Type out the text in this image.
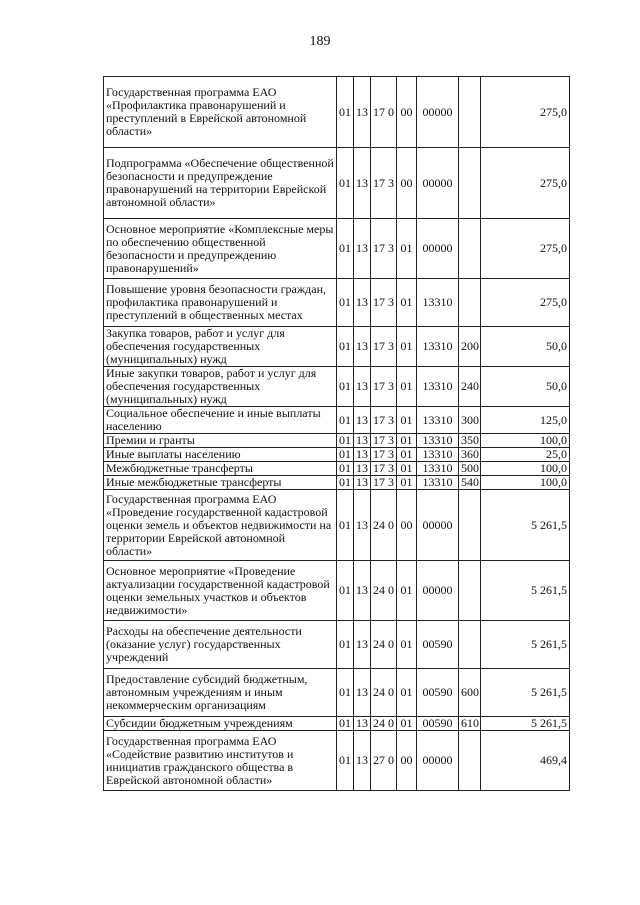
189
Государственная программа ЕАО «Профилактика правонарушений и преступлений в Еврейской автономной области»	01	13	17 0	00	00000		275,0
Подпрограмма «Обеспечение общественной безопасности и предупреждение правонарушений на территории Еврейской автономной области»	01	13	17 3	00	00000		275,0
Основное мероприятие «Комплексные меры по обеспечению общественной безопасности и предупреждению правонарушений»	01	13	17 3	01	00000		275,0
Повышение уровня безопасности граждан, профилактика правонарушений и преступлений в общественных местах	01	13	17 3	01	13310		275,0
Закупка товаров, работ и услуг для обеспечения государственных (муниципальных) нужд	01	13	17 3	01	13310	200	50,0
Иные закупки товаров, работ и услуг для обеспечения государственных (муниципальных) нужд	01	13	17 3	01	13310	240	50,0
Социальное обеспечение и иные выплаты населению	01	13	17 3	01	13310	300	125,0
Премии и гранты	01	13	17 3	01	13310	350	100,0
Иные выплаты населению	01	13	17 3	01	13310	360	25,0
Межбюджетные трансферты	01	13	17 3	01	13310	500	100,0
Иные межбюджетные трансферты	01	13	17 3	01	13310	540	100,0
Государственная программа ЕАО «Проведение государственной кадастровой оценки земель и объектов недвижимости на территории Еврейской автономной области»	01	13	24 0	00	00000		5 261,5
Основное мероприятие «Проведение актуализации государственной кадастровой оценки земельных участков и объектов недвижимости»	01	13	24 0	01	00000		5 261,5
Расходы на обеспечение деятельности (оказание услуг) государственных учреждений	01	13	24 0	01	00590		5 261,5
Предоставление субсидий бюджетным, автономным учреждениям и иным некоммерческим организациям	01	13	24 0	01	00590	600	5 261,5
Субсидии бюджетным учреждениям	01	13	24 0	01	00590	610	5 261,5
Государственная программа ЕАО «Содействие развитию институтов и инициатив гражданского общества в Еврейской автономной области»	01	13	27 0	00	00000		469,4
